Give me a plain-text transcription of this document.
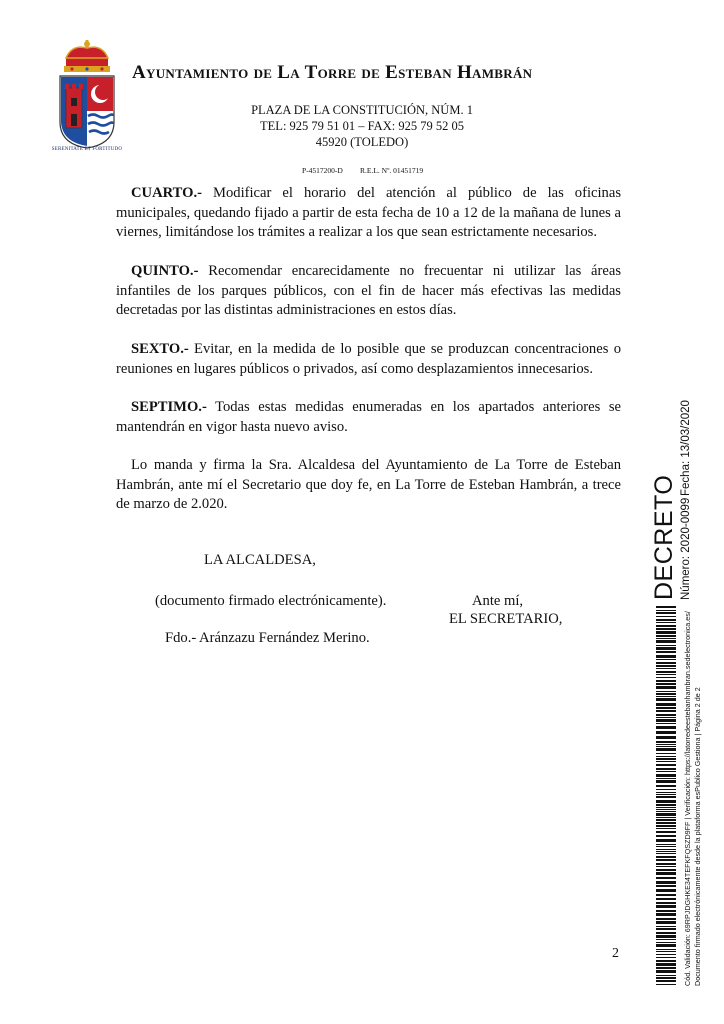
SERENITATE ET FORTITUDO
Ayuntamiento de La Torre de Esteban Hambrán
PLAZA DE LA CONSTITUCIÓN, NÚM. 1
TEL: 925 79 51 01 – FAX: 925 79 52 05
45920 (TOLEDO)
P-4517200-D R.E.L. Nº. 01451719

CUARTO.- Modificar el horario del atención al público de las oficinas municipales, quedando fijado a partir de esta fecha de 10 a 12 de la mañana de lunes a viernes, limitándose los trámites a realizar a los que sean estrictamente necesarios.

QUINTO.- Recomendar encarecidamente no frecuentar ni utilizar las áreas infantiles de los parques públicos, con el fin de hacer más efectivas las medidas decretadas por las distintas administraciones en estos días.

SEXTO.- Evitar, en la medida de lo posible que se produzcan concentraciones o reuniones en lugares públicos o privados, así como desplazamientos innecesarios.

SEPTIMO.- Todas estas medidas enumeradas en los apartados anteriores se mantendrán en vigor hasta nuevo aviso.

Lo manda y firma la Sra. Alcaldesa del Ayuntamiento de La Torre de Esteban Hambrán, ante mí el Secretario que doy fe, en La Torre de Esteban Hambrán, a trece de marzo de 2.020.

LA ALCALDESA,
(documento firmado electrónicamente).	Ante mí,
EL SECRETARIO,
Fdo.- Aránzazu Fernández Merino.
2
DECRETO Número: 2020-0099
Fecha: 13/03/2020
Cód. Validación: 69RPJDGHKE34TEFKFQSZD9FF | Verificación: https://latorredeestebanhambran.sedelectronica.es/ Documento firmado electrónicamente desde la plataforma esPublico Gestiona | Página 2 de 2
